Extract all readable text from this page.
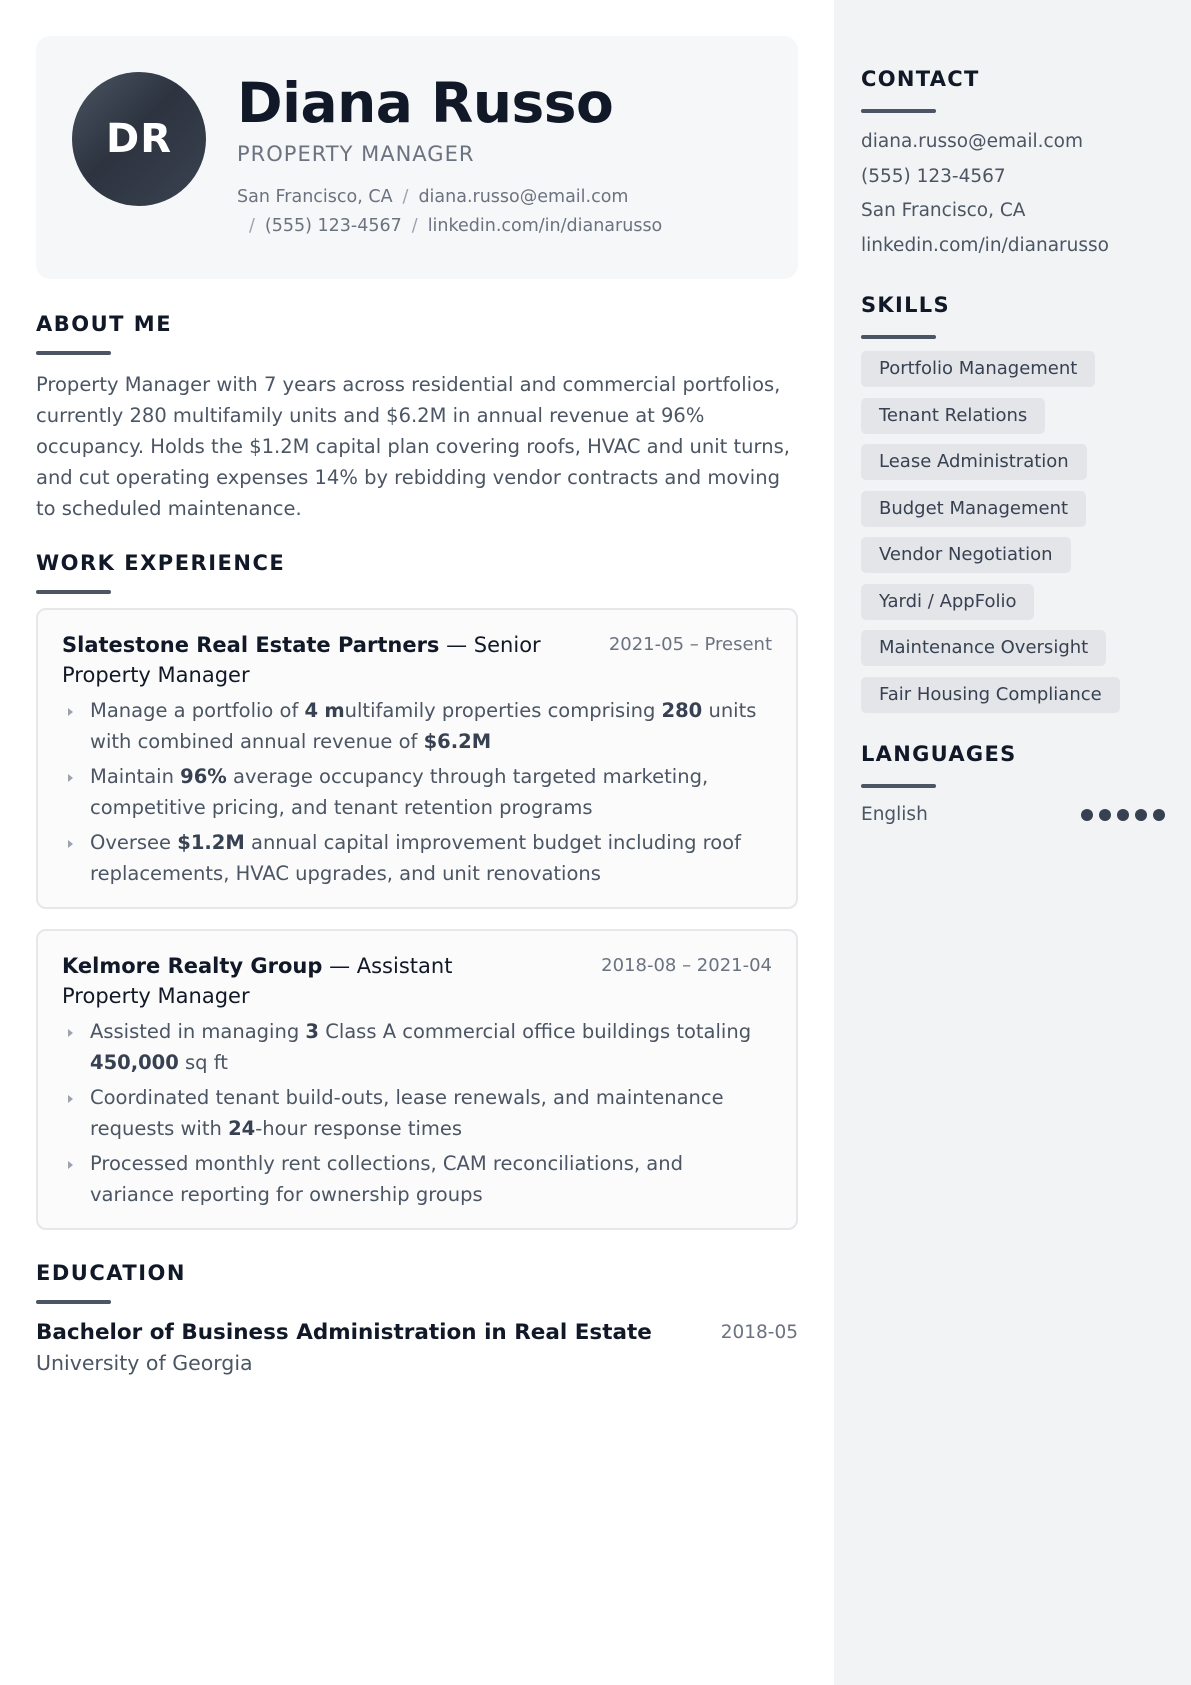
DR
Diana Russo
PROPERTY MANAGER
San Francisco, CA / diana.russo@email.com
/ (555) 123-4567 / linkedin.com/in/dianarusso
ABOUT ME

Property Manager with 7 years across residential and commercial portfolios, currently 280 multifamily units and $6.2M in annual revenue at 96% occupancy. Holds the $1.2M capital plan covering roofs, HVAC and unit turns, and cut operating expenses 14% by rebidding vendor contracts and moving to scheduled maintenance.

WORK EXPERIENCE
Slatestone Real Estate Partners — Senior Property Manager
2021-05 – Present
Manage a portfolio of 4 multifamily properties comprising 280 units with combined annual revenue of $6.2M
Maintain 96% average occupancy through targeted marketing, competitive pricing, and tenant retention programs
Oversee $1.2M annual capital improvement budget including roof replacements, HVAC upgrades, and unit renovations
Kelmore Realty Group — Assistant Property Manager
2018-08 – 2021-04
Assisted in managing 3 Class A commercial office buildings totaling 450,000 sq ft
Coordinated tenant build-outs, lease renewals, and maintenance requests with 24-hour response times
Processed monthly rent collections, CAM reconciliations, and variance reporting for ownership groups
EDUCATION
Bachelor of Business Administration in Real Estate	2018-05
University of Georgia
CONTACT
diana.russo@email.com
(555) 123-4567
San Francisco, CA
linkedin.com/in/dianarusso
SKILLS
Portfolio Management
Tenant Relations
Lease Administration
Budget Management
Vendor Negotiation
Yardi / AppFolio
Maintenance Oversight
Fair Housing Compliance
LANGUAGES
English
